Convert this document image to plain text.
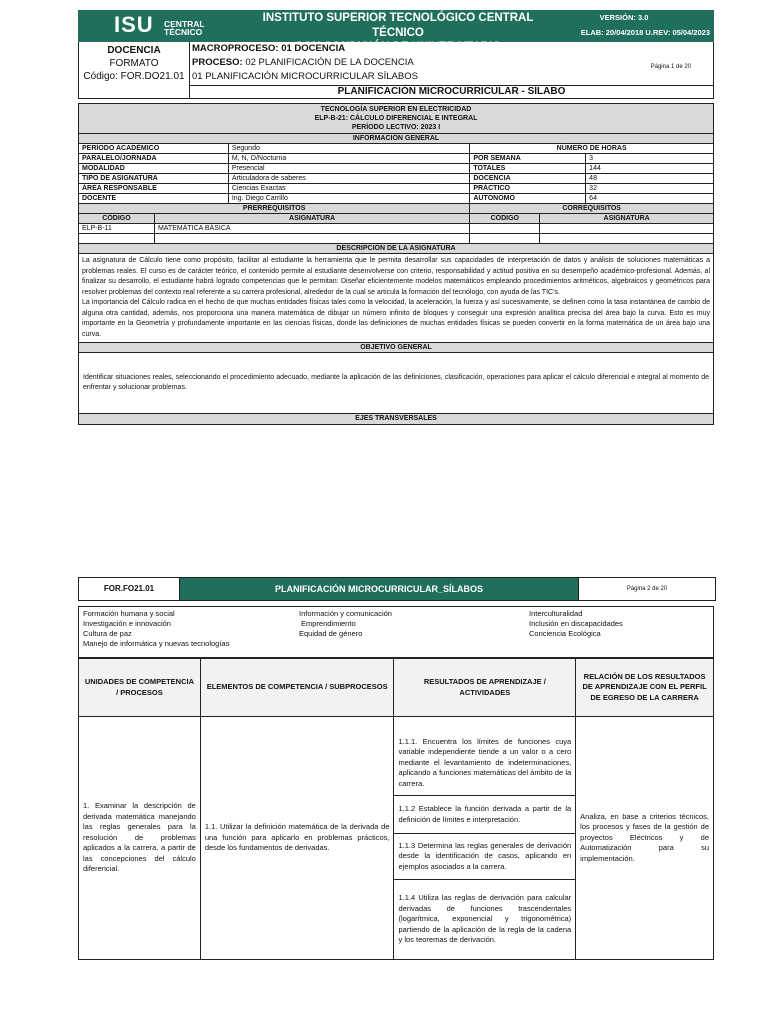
ISU CENTRAL
TÉCNICO
INSTITUTO SUPERIOR TECNOLÓGICO CENTRAL TÉCNICO
CON CONDICIÓN DE UNIVERSITARIO
VERSIÓN: 3.0
ELAB: 20/04/2018 U.REV: 05/04/2023
DOCENCIA
FORMATO
Código: FOR.DO21.01
MACROPROCESO: 01 DOCENCIA
PROCESO: 02 PLANIFICACIÓN DE LA DOCENCIA
01 PLANIFICACIÓN MICROCURRICULAR SÍLABOS
Página 1 de 20
PLANIFICACIÓN MICROCURRICULAR - SÍLABO
TECNOLOGÍA SUPERIOR EN ELECTRICIDAD
ELP-B-21: CÁLCULO DIFERENCIAL E INTEGRAL
PERÍODO LECTIVO: 2023 I					

INFORMACIÓN GENERAL					
PERÍODO ACADÉMICO		Segundo	NÚMERO DE HORAS		
PARALELO/JORNADA		M, N, O/Nocturna	POR SEMANA		3
MODALIDAD		Presencial	TOTALES		144
TIPO DE ASIGNATURA		Articuladora de saberes	DOCENCIA		48
ÁREA RESPONSABLE		Ciencias Exactas	PRÁCTICO		32
DOCENTE		Ing. Diego Carrillo	AUTÓNOMO		64
PRERREQUISITOS			CORREQUISITOS		
CÓDIGO	ASIGNATURA		CÓDIGO	ASIGNATURA	
ELP-B-11	MATEMÁTICA BÁSICA				

DESCRIPCIÓN DE LA ASIGNATURA					

La asignatura de Cálculo tiene como propósito, facilitar al estudiante la herramienta que le permita desarrollar sus capacidades de interpretación de datos y análisis de soluciones matemáticas a problemas reales. El curso es de carácter teórico, el contenido permite al estudiante desenvolverse con criterio, responsabilidad y actitud positiva en su desempeño académico-profesional. Además, al finalizar su desarrollo, el estudiante habrá logrado competencias que le permitan: Diseñar eficientemente modelos matemáticos empleando procedimientos aritméticos, algebraicos y geométricos para resolver problemas del contexto real referente a su carrera profesional, alrededor de la cual se articula la formación del tecnólogo, con ayuda de las TIC's.
La importancia del Cálculo radica en el hecho de que muchas entidades físicas tales como la velocidad, la aceleración, la fuerza y así sucesivamente, se definen como la tasa instantánea de cambio de alguna otra cantidad, además, nos proporciona una manera matemática de dibujar un número infinito de bloques y conseguir una expresión analítica precisa del área bajo la curva. Esto es muy importante en la Geometría y profundamente importante en las ciencias físicas, donde las definiciones de muchas entidades físicas se pueden convertir en la forma matemática de un área bajo una curva.					

OBJETIVO GENERAL					
Identificar situaciones reales, seleccionando el procedimiento adecuado, mediante la aplicación de las definiciones, clasificación, operaciones para aplicar el cálculo diferencial e integral al momento de enfrentar y solucionar problemas.					
EJES TRANSVERSALES					
FOR.FO21.01	PLANIFICACIÓN MICROCURRICULAR_SÍLABOS	Página 2 de 20
Formación humana y social
Investigación e innovación
Cultura de paz
Manejo de informática y nuevas tecnologías
Información y comunicación
Emprendimiento
Equidad de género
Interculturalidad
Inclusión en discapacidades
Conciencia Ecológica
UNIDADES DE COMPETENCIA / PROCESOS	ELEMENTOS DE COMPETENCIA / SUBPROCESOS	RESULTADOS DE APRENDIZAJE / ACTIVIDADES	RELACIÓN DE LOS RESULTADOS DE APRENDIZAJE CON EL PERFIL DE EGRESO DE LA CARRERA
1. Examinar la descripción de derivada matemática manejando las reglas generales para la resolución de problemas aplicados a la carrera, a partir de las concepciones del cálculo diferencial.	1.1. Utilizar la definición matemática de la derivada de una función para aplicarlo en problemas prácticos, desde los fundamentos de derivadas.	1.1.1. Encuentra los límites de funciones cuya variable independiente tiende a un valor o a cero mediante el levantamiento de indeterminaciones, aplicando a funciones matemáticas del ámbito de la carrera.	Analiza, en base a criterios técnicos, los procesos y fases de la gestión de proyectos Eléctricos y de Automatización para su implementación.
		1.1.2 Establece la función derivada a partir de la definición de límites e interpretación.	
		1.1.3 Determina las reglas generales de derivación desde la identificación de casos, aplicando en ejemplos asociados a la carrera.	
		1.1.4 Utiliza las reglas de derivación para calcular derivadas de funciones trascendentales (logarítmica, exponencial y trigonométrica) partiendo de la aplicación de la regla de la cadena y los teoremas de derivación.	
